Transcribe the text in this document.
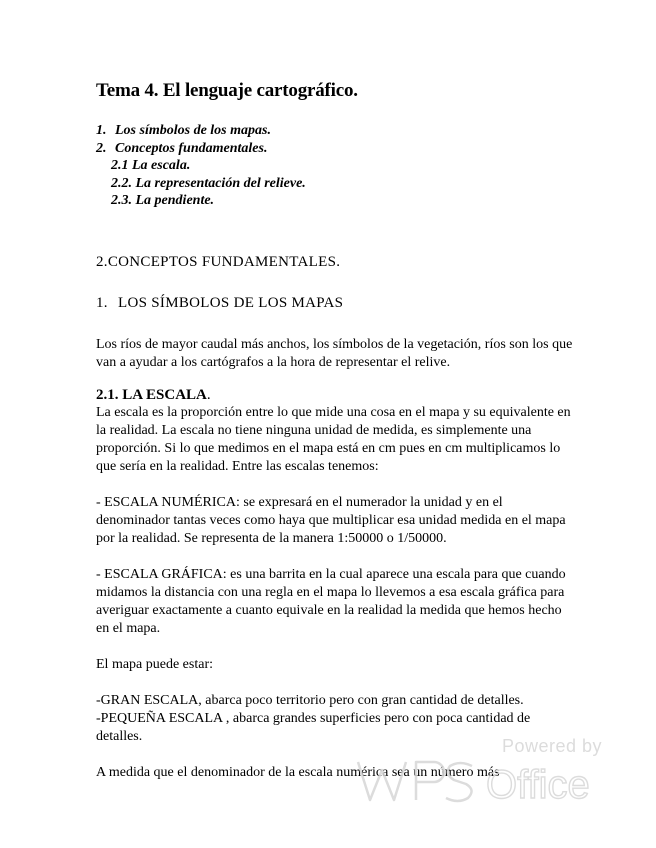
Tema 4. El lenguaje cartográfico.
1. Los símbolos de los mapas.
2. Conceptos fundamentales.
2.1 La escala.
2.2. La representación del relieve.
2.3. La pendiente.
2.CONCEPTOS FUNDAMENTALES.
1. LOS SÍMBOLOS DE LOS MAPAS

Los ríos de mayor caudal más anchos, los símbolos de la vegetación, ríos son los que van a ayudar a los cartógrafos a la hora de representar el relive.

2.1. LA ESCALA.

La escala es la proporción entre lo que mide una cosa en el mapa y su equivalente en la realidad. La escala no tiene ninguna unidad de medida, es simplemente una proporción. Si lo que medimos en el mapa está en cm pues en cm multiplicamos lo que sería en la realidad. Entre las escalas tenemos:

- ESCALA NUMÉRICA: se expresará en el numerador la unidad y en el denominador tantas veces como haya que multiplicar esa unidad medida en el mapa por la realidad. Se representa de la manera 1:50000 o 1/50000.

- ESCALA GRÁFICA: es una barrita en la cual aparece una escala para que cuando midamos la distancia con una regla en el mapa lo llevemos a esa escala gráfica para averiguar exactamente a cuanto equivale en la realidad la medida que hemos hecho en el mapa.

El mapa puede estar:

-GRAN ESCALA, abarca poco territorio pero con gran cantidad de detalles.

-PEQUEÑA ESCALA , abarca grandes superficies pero con poca cantidad de detalles.

A medida que el denominador de la escala numérica sea un número más

Powered by
Office
